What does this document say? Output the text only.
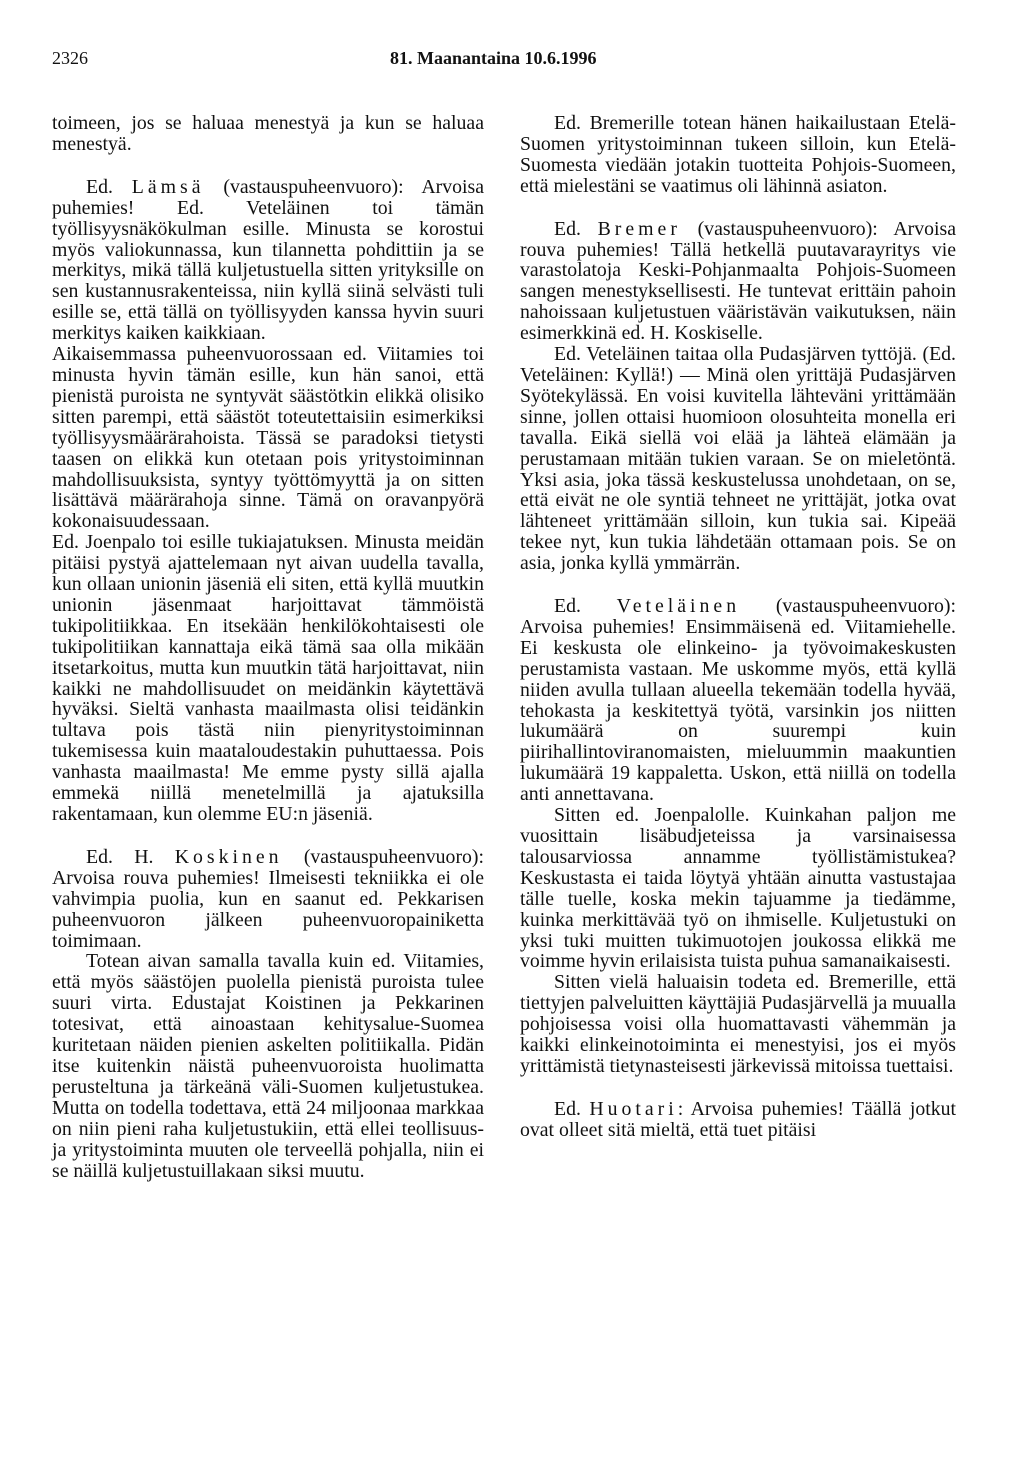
2326	81. Maanantaina 10.6.1996

toimeen, jos se haluaa menestyä ja kun se haluaa menestyä.

Ed. Lämsä (vastauspuheenvuoro): Arvoisa puhemies! Ed. Veteläinen toi tämän työllisyysnäkökulman esille. Minusta se korostui myös valiokunnassa, kun tilannetta pohdittiin ja se merkitys, mikä tällä kuljetustuella sitten yrityksille on sen kustannusrakenteissa, niin kyllä siinä selvästi tuli esille se, että tällä on työllisyyden kanssa hyvin suuri merkitys kaiken kaikkiaan.

Aikaisemmassa puheenvuorossaan ed. Viitamies toi minusta hyvin tämän esille, kun hän sanoi, että pienistä puroista ne syntyvät säästötkin elikkä olisiko sitten parempi, että säästöt toteutettaisiin esimerkiksi työllisyysmäärärahoista. Tässä se paradoksi tietysti taasen on elikkä kun otetaan pois yritystoiminnan mahdollisuuksista, syntyy työttömyyttä ja on sitten lisättävä määrärahoja sinne. Tämä on oravanpyörä kokonaisuudessaan.

Ed. Joenpalo toi esille tukiajatuksen. Minusta meidän pitäisi pystyä ajattelemaan nyt aivan uudella tavalla, kun ollaan unionin jäseniä eli siten, että kyllä muutkin unionin jäsenmaat harjoittavat tämmöistä tukipolitiikkaa. En itsekään henkilökohtaisesti ole tukipolitiikan kannattaja eikä tämä saa olla mikään itsetarkoitus, mutta kun muutkin tätä harjoittavat, niin kaikki ne mahdollisuudet on meidänkin käytettävä hyväksi. Sieltä vanhasta maailmasta olisi teidänkin tultava pois tästä niin pienyritystoiminnan tukemisessa kuin maataloudestakin puhuttaessa. Pois vanhasta maailmasta! Me emme pysty sillä ajalla emmekä niillä menetelmillä ja ajatuksilla rakentamaan, kun olemme EU:n jäseniä.

Ed. H. Koskinen (vastauspuheenvuoro): Arvoisa rouva puhemies! Ilmeisesti tekniikka ei ole vahvimpia puolia, kun en saanut ed. Pekkarisen puheenvuoron jälkeen puheenvuoropainiketta toimimaan.

Totean aivan samalla tavalla kuin ed. Viitamies, että myös säästöjen puolella pienistä puroista tulee suuri virta. Edustajat Koistinen ja Pekkarinen totesivat, että ainoastaan kehitysalue-Suomea kuritetaan näiden pienien askelten politiikalla. Pidän itse kuitenkin näistä puheenvuoroista huolimatta perusteltuna ja tärkeänä väli-Suomen kuljetustukea. Mutta on todella todettava, että 24 miljoonaa markkaa on niin pieni raha kuljetustukiin, että ellei teollisuus- ja yritystoiminta muuten ole terveellä pohjalla, niin ei se näillä kuljetustuillakaan siksi muutu.

Ed. Bremerille totean hänen haikailustaan Etelä-Suomen yritystoiminnan tukeen silloin, kun Etelä-Suomesta viedään jotakin tuotteita Pohjois-Suomeen, että mielestäni se vaatimus oli lähinnä asiaton.

Ed. Bremer (vastauspuheenvuoro): Arvoisa rouva puhemies! Tällä hetkellä puutavarayritys vie varastolatoja Keski-Pohjanmaalta Pohjois-Suomeen sangen menestyksellisesti. He tuntevat erittäin pahoin nahoissaan kuljetustuen vääristävän vaikutuksen, näin esimerkkinä ed. H. Koskiselle.

Ed. Veteläinen taitaa olla Pudasjärven tyttöjä. (Ed. Veteläinen: Kyllä!) — Minä olen yrittäjä Pudasjärven Syötekylässä. En voisi kuvitella lähteväni yrittämään sinne, jollen ottaisi huomioon olosuhteita monella eri tavalla. Eikä siellä voi elää ja lähteä elämään ja perustamaan mitään tukien varaan. Se on mieletöntä. Yksi asia, joka tässä keskustelussa unohdetaan, on se, että eivät ne ole syntiä tehneet ne yrittäjät, jotka ovat lähteneet yrittämään silloin, kun tukia sai. Kipeää tekee nyt, kun tukia lähdetään ottamaan pois. Se on asia, jonka kyllä ymmärrän.

Ed. Veteläinen (vastauspuheenvuoro): Arvoisa puhemies! Ensimmäisenä ed. Viitamiehelle. Ei keskusta ole elinkeino- ja työvoimakeskusten perustamista vastaan. Me uskomme myös, että kyllä niiden avulla tullaan alueella tekemään todella hyvää, tehokasta ja keskitettyä työtä, varsinkin jos niitten lukumäärä on suurempi kuin piirihallintoviranomaisten, mieluummin maakuntien lukumäärä 19 kappaletta. Uskon, että niillä on todella anti annettavana.

Sitten ed. Joenpalolle. Kuinkahan paljon me vuosittain lisäbudjeteissa ja varsinaisessa talousarviossa annamme työllistämistukea? Keskustasta ei taida löytyä yhtään ainutta vastustajaa tälle tuelle, koska mekin tajuamme ja tiedämme, kuinka merkittävää työ on ihmiselle. Kuljetustuki on yksi tuki muitten tukimuotojen joukossa elikkä me voimme hyvin erilaisista tuista puhua samanaikaisesti.

Sitten vielä haluaisin todeta ed. Bremerille, että tiettyjen palveluitten käyttäjiä Pudasjärvellä ja muualla pohjoisessa voisi olla huomattavasti vähemmän ja kaikki elinkeinotoiminta ei menestyisi, jos ei myös yrittämistä tietynasteisesti järkevissä mitoissa tuettaisi.

Ed. Huotari: Arvoisa puhemies! Täällä jotkut ovat olleet sitä mieltä, että tuet pitäisi
